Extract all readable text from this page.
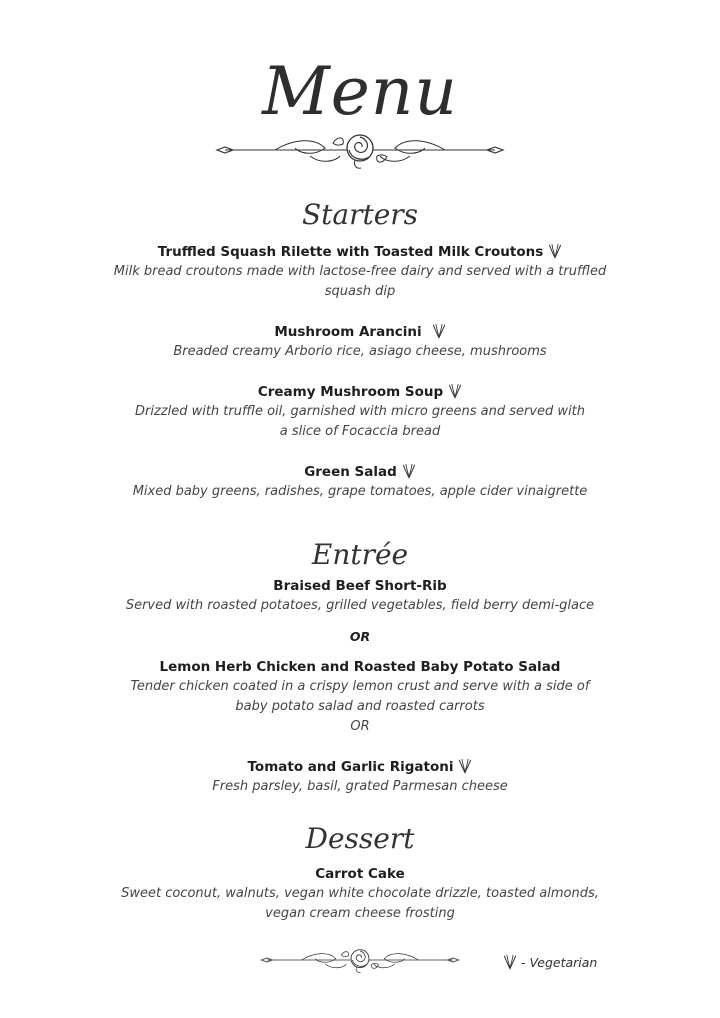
Menu
Starters
Truffled Squash Rilette with Toasted Milk Croutons
Milk bread croutons made with lactose-free dairy and served with a truffled
squash dip
Mushroom Arancini
Breaded creamy Arborio rice, asiago cheese, mushrooms
Creamy Mushroom Soup
Drizzled with truffle oil, garnished with micro greens and served with
a slice of Focaccia bread
Green Salad
Mixed baby greens, radishes, grape tomatoes, apple cider vinaigrette
Entrée
Braised Beef Short-Rib
Served with roasted potatoes, grilled vegetables, field berry demi-glace
OR
Lemon Herb Chicken and Roasted Baby Potato Salad
Tender chicken coated in a crispy lemon crust and serve with a side of
baby potato salad and roasted carrots
OR
Tomato and Garlic Rigatoni
Fresh parsley, basil, grated Parmesan cheese
Dessert
Carrot Cake
Sweet coconut, walnuts, vegan white chocolate drizzle, toasted almonds,
vegan cream cheese frosting
- Vegetarian
